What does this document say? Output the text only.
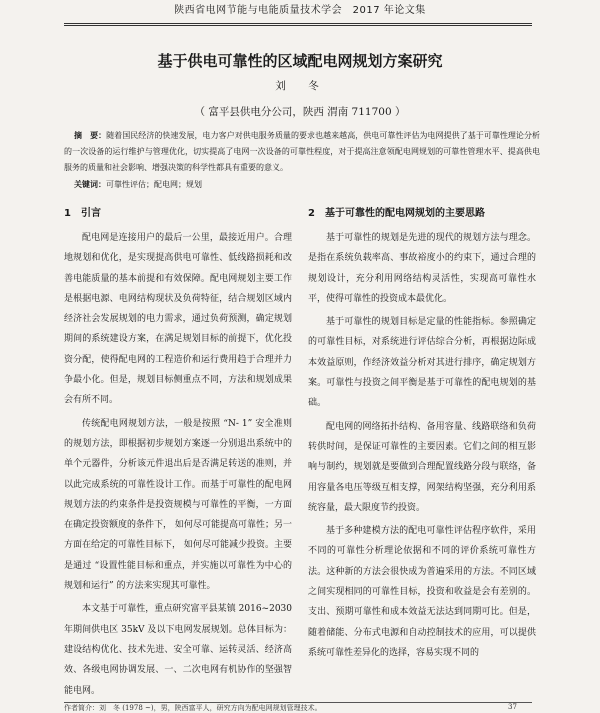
陕西省电网节能与电能质量技术学会　2017 年论文集
基于供电可靠性的区域配电网规划方案研究
刘　冬
（ 富平县供电分公司，陕西 渭南 711700 ）
摘　要：随着国民经济的快速发展，电力客户对供电服务质量的要求也越来越高，供电可靠性评估为电网提供了基于可靠性理论分析的一次设备的运行维护与管理优化，切实提高了电网一次设备的可靠性程度，对于提高注意领配电网规划的可靠性管理水平、提高供电服务的质量和社会影响、增强决策的科学性都具有重要的意义。
关键词：可靠性评估；配电网；规划
1　引言

配电网是连接用户的最后一公里，最接近用户。合理地规划和优化，是实现提高供电可靠性、低线路损耗和改善电能质量的基本前提和有效保障。配电网规划主要工作是根据电源、电网结构现状及负荷特征，结合规划区域内经济社会发展规划的电力需求，通过负荷预测，确定规划期间的系统建设方案，在满足规划目标的前提下，优化投资分配，使得配电网的工程造价和运行费用趋于合理并力争最小化。但是，规划目标侧重点不同，方法和规划成果会有所不同。

传统配电网规划方法，一般是按照 “N- 1” 安全准则的规划方法，即根据初步规划方案逐一分别退出系统中的单个元器件，分析该元件退出后是否满足转送的准则，并以此完成系统的可靠性设计工作。而基于可靠性的配电网规划方法的约束条件是投资规模与可靠性的平衡，一方面在确定投资额度的条件下， 如何尽可能提高可靠性；另一方面在给定的可靠性目标下， 如何尽可能减少投资。主要是通过 “设置性能目标和重点，并实施以可靠性为中心的规划和运行” 的方法来实现其可靠性。

本文基于可靠性，重点研究富平县某镇 2016~2030 年期间供电区 35kV 及以下电网发展规划。总体目标为：建设结构优化、技术先进、安全可靠、运转灵活、经济高效、各级电网协调发展、一、二次电网有机协作的坚强智能电网。

2　基于可靠性的配电网规划的主要思路

基于可靠性的规划是先进的现代的规划方法与理念。是指在系统负载率高、事故裕度小的约束下，通过合理的规划设计，充分利用网络结构灵活性，实现高可靠性水平，使得可靠性的投资成本最优化。

基于可靠性的规划目标是定量的性能指标。参照确定的可靠性目标，对系统进行评估综合分析，再根据边际成本效益原则，作经济效益分析对其进行排序，确定规划方案。可靠性与投资之间平衡是基于可靠性的配电规划的基础。

配电网的网络拓扑结构、备用容量、线路联络和负荷转供时间，是保证可靠性的主要因素。它们之间的相互影响与制约，规划就是要做到合理配置线路分段与联络，备用容量各电压等级互相支撑，网架结构坚强，充分利用系统容量，最大限度节约投资。

基于多种建模方法的配电可靠性评估程序软件，采用不同的可靠性分析理论依据和不同的评价系统可靠性方法。这种新的方法会很快成为普遍采用的方法。不同区域之间实现相同的可靠性目标，投资和收益是会有差别的。支出、预期可靠性和成本效益无法达到同期可比。但是，随着储能、分布式电源和自动控制技术的应用，可以提供系统可靠性差异化的选择，容易实现不同的

作者简介：刘　冬 (1978 ~)，男，陕西富平人，研究方向为配电网规划管理技术。	37
